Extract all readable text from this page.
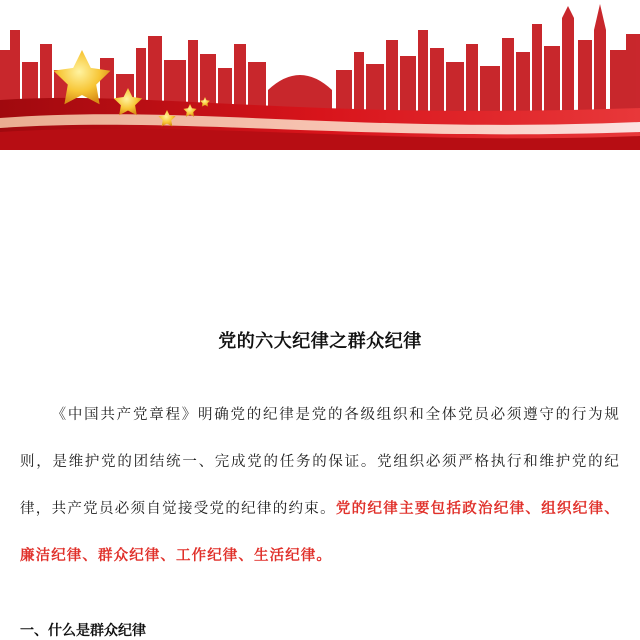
党的六大纪律之群众纪律

《中国共产党章程》明确党的纪律是党的各级组织和全体党员必须遵守的行为规则，是维护党的团结统一、完成党的任务的保证。党组织必须严格执行和维护党的纪律，共产党员必须自觉接受党的纪律的约束。党的纪律主要包括政治纪律、组织纪律、廉洁纪律、群众纪律、工作纪律、生活纪律。

一、什么是群众纪律
